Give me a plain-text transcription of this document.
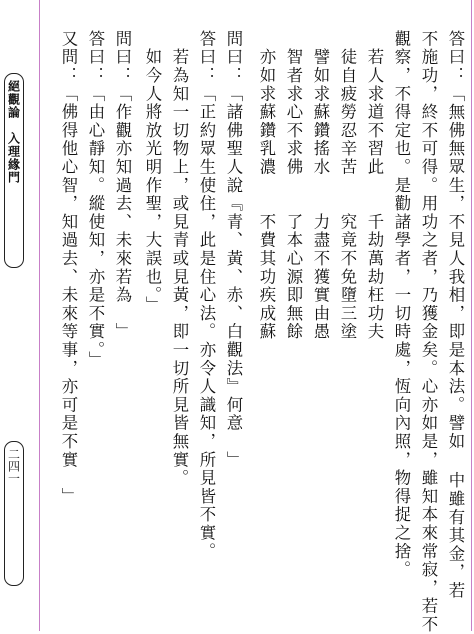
絕觀論　入理緣門
二四一	答曰：「無佛無眾生，不見人我相，即是本法。譬如 中雖有其金，若
不施功，終不可得。用功之者，乃獲金矣。心亦如是，雖知本來常寂，若不
觀察，不得定也。是勸諸學者，一切時處，恆向內照，物得捉之捨。
　若人求道不習此　　千劫萬劫枉功夫
　徒自疲勞忍辛苦　　究竟不免墮三塗
　譬如求蘇鑽搖水　　力盡不獲實由愚
　智者求心不求佛　　了本心源即無餘
　亦如求蘇鑽乳濃　　不費其功疾成蘇
問曰：「諸佛聖人說『青、黃、赤、白觀法』何意　」
答曰：「正約眾生使住，此是住心法。亦令人識知，所見皆不實。
　若為知一切物上，或見青或見黃，即一切所見皆無實。
　如今人將放光明作聖，大誤也。」
問曰：「作觀亦知過去、未來若為　」
答曰：「由心靜知。縱使知，亦是不實。」
又問：「佛得他心智，知過去、未來等事，亦可是不實　」
